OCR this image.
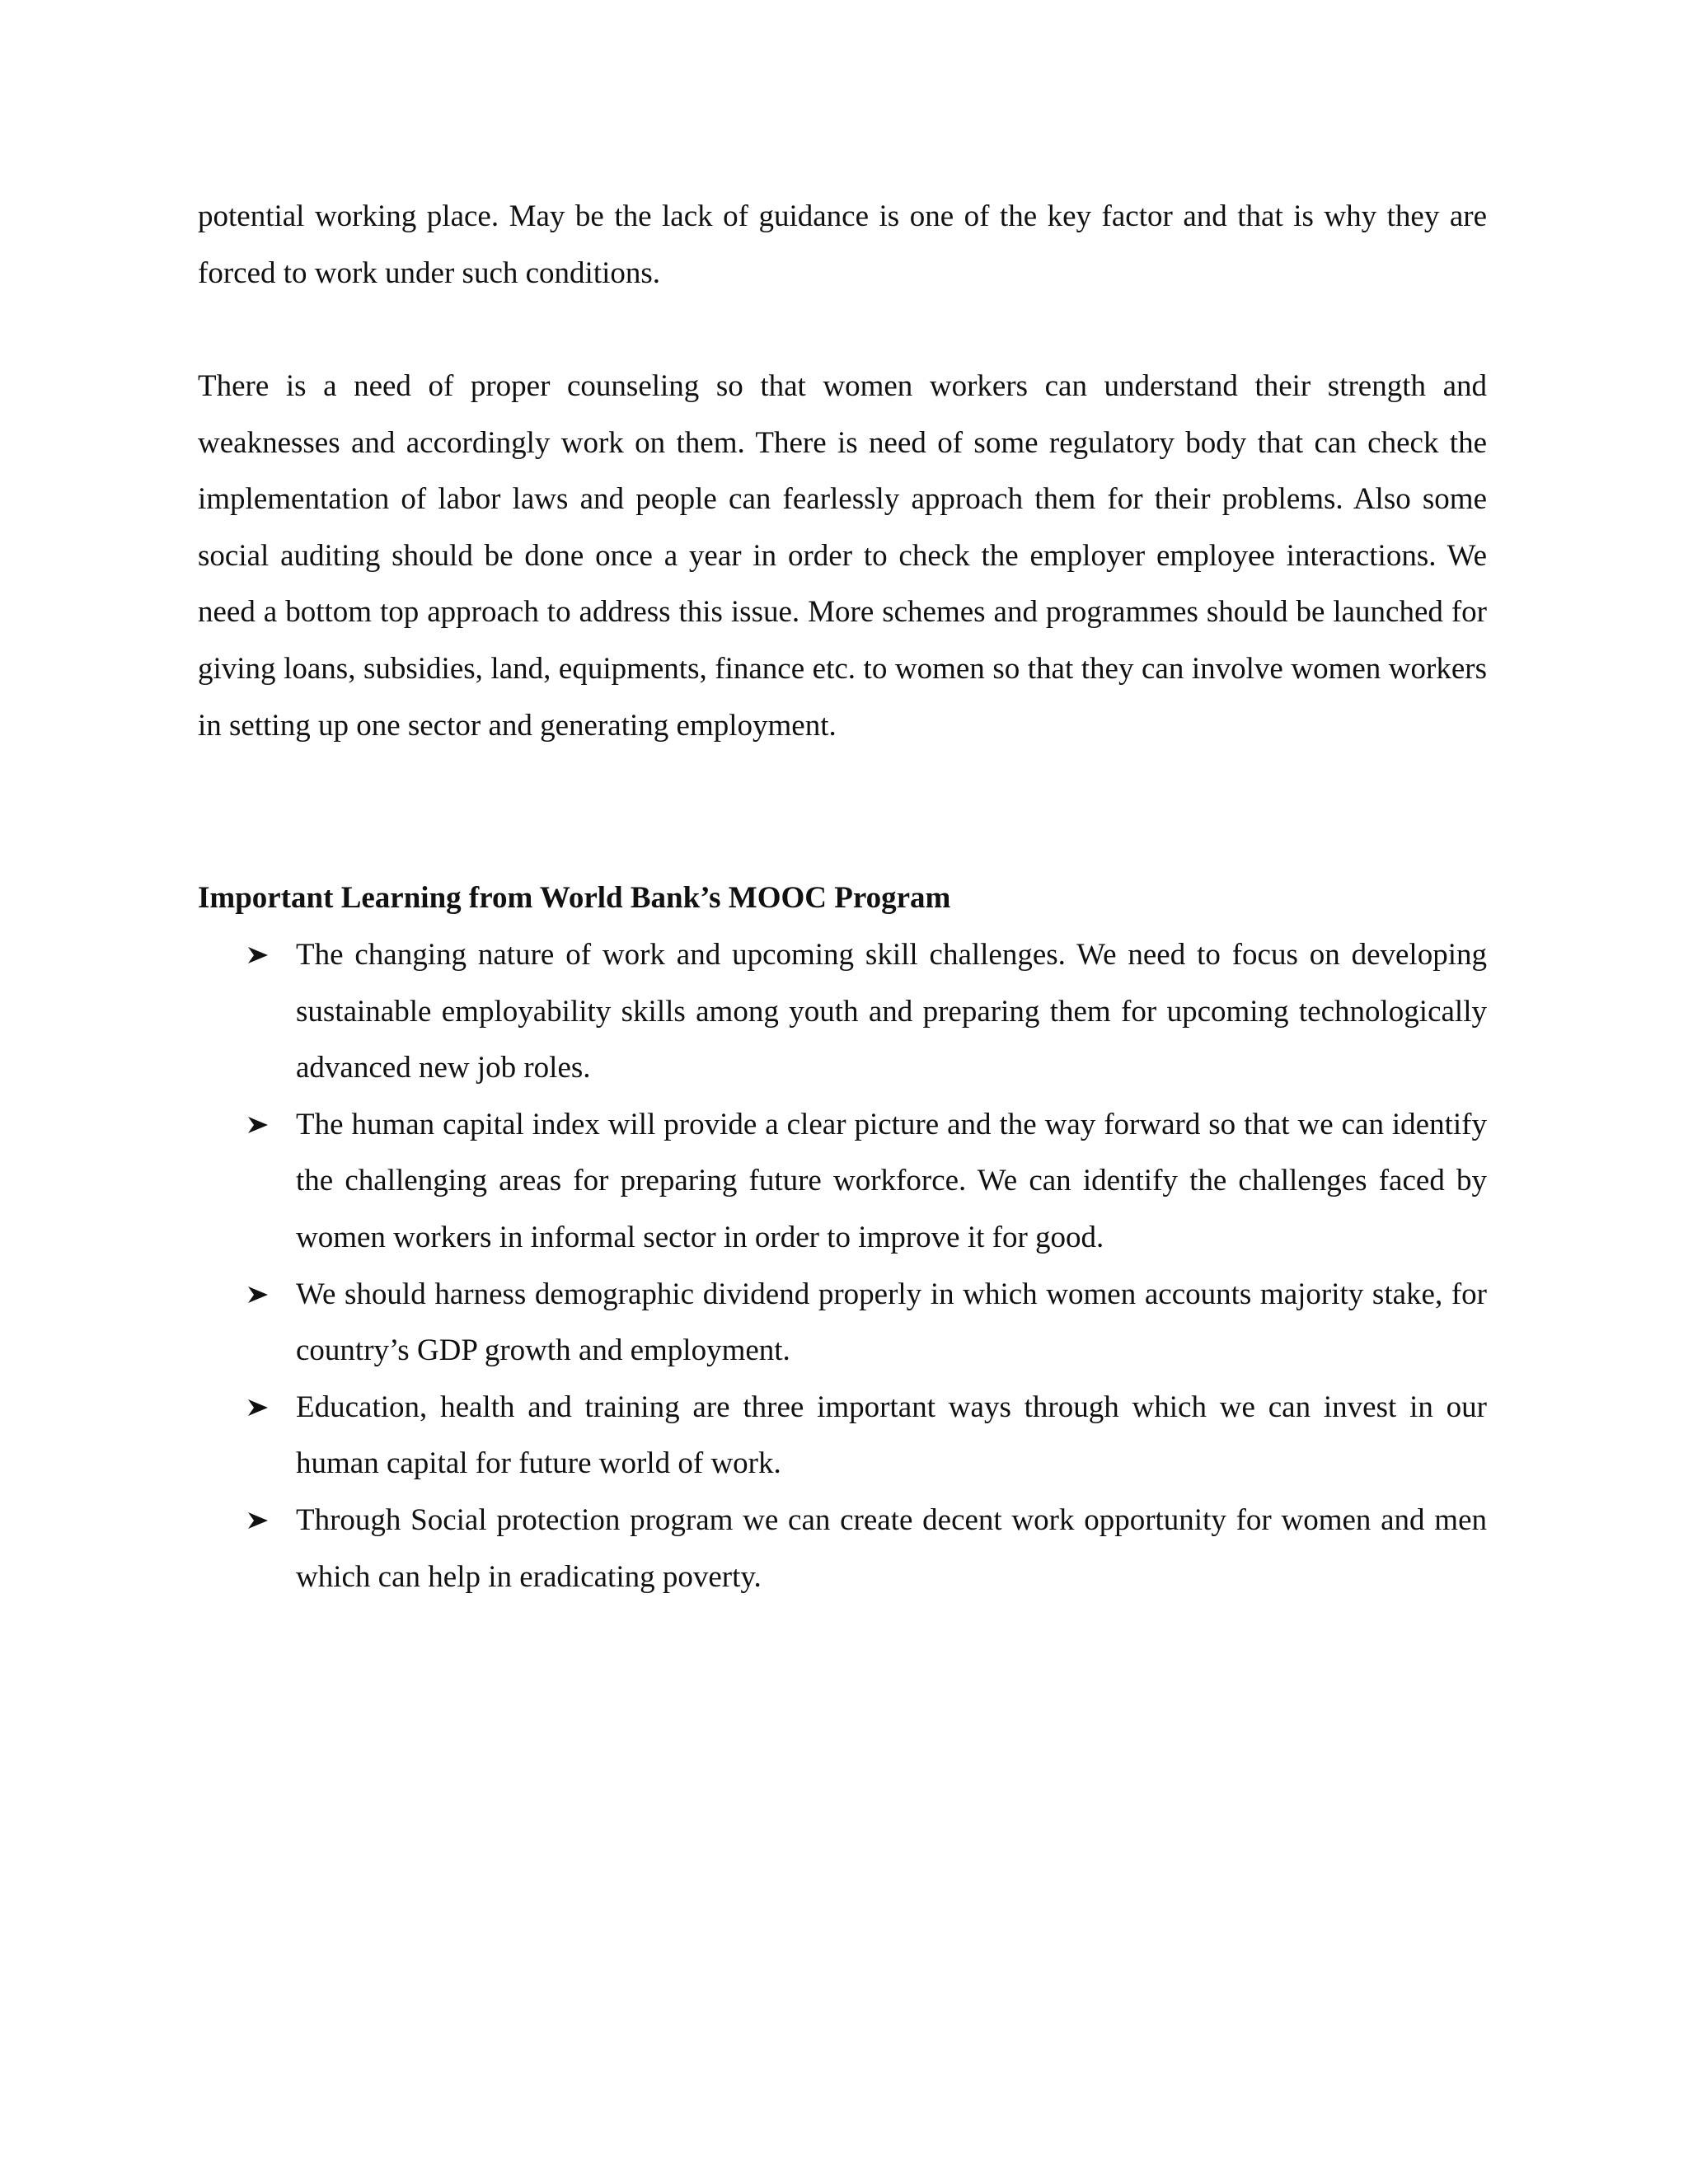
potential working place. May be the lack of guidance is one of the key factor and that is why they are forced to work under such conditions.

There is a need of proper counseling so that women workers can understand their strength and weaknesses and accordingly work on them. There is need of some regulatory body that can check the implementation of labor laws and people can fearlessly approach them for their problems. Also some social auditing should be done once a year in order to check the employer employee interactions. We need a bottom top approach to address this issue. More schemes and programmes should be launched for giving loans, subsidies, land, equipments, finance etc. to women so that they can involve women workers in setting up one sector and generating employment.

Important Learning from World Bank’s MOOC Program
The changing nature of work and upcoming skill challenges. We need to focus on developing sustainable employability skills among youth and preparing them for upcoming technologically advanced new job roles.
The human capital index will provide a clear picture and the way forward so that we can identify the challenging areas for preparing future workforce. We can identify the challenges faced by women workers in informal sector in order to improve it for good.
We should harness demographic dividend properly in which women accounts majority stake, for country’s GDP growth and employment.
Education, health and training are three important ways through which we can invest in our human capital for future world of work.
Through Social protection program we can create decent work opportunity for women and men which can help in eradicating poverty.
